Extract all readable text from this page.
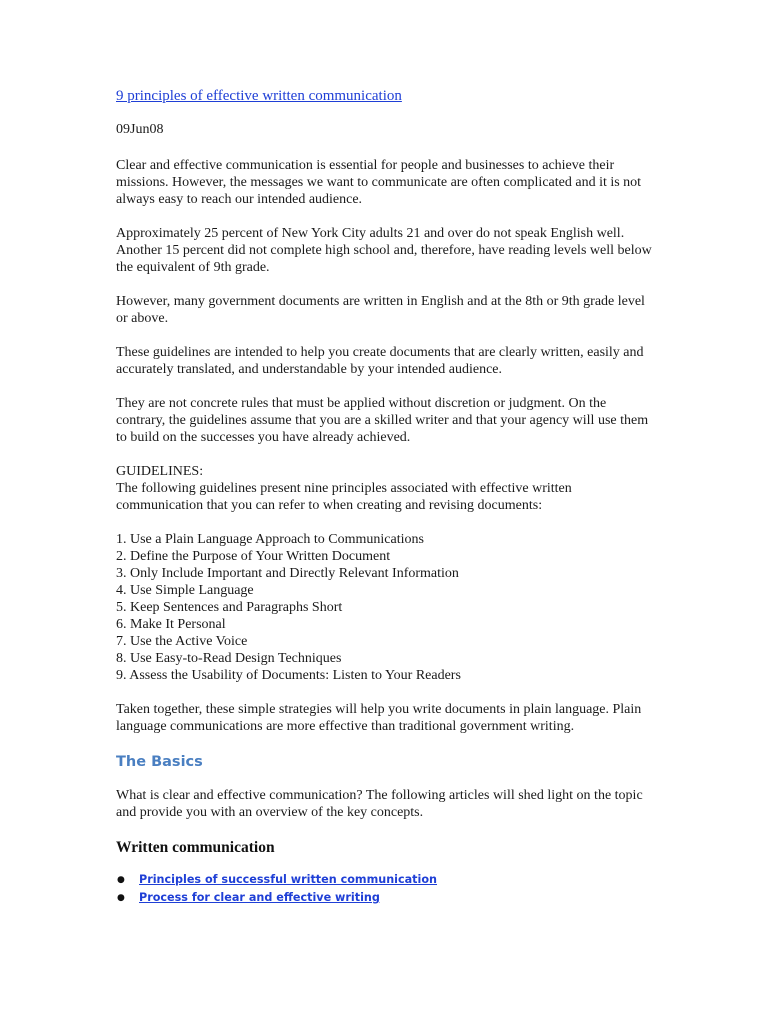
9 principles of effective written communication

09Jun08

Clear and effective communication is essential for people and businesses to achieve their missions. However, the messages we want to communicate are often complicated and it is not always easy to reach our intended audience.

Approximately 25 percent of New York City adults 21 and over do not speak English well. Another 15 percent did not complete high school and, therefore, have reading levels well below the equivalent of 9th grade.

However, many government documents are written in English and at the 8th or 9th grade level or above.

These guidelines are intended to help you create documents that are clearly written, easily and accurately translated, and understandable by your intended audience.

They are not concrete rules that must be applied without discretion or judgment. On the contrary, the guidelines assume that you are a skilled writer and that your agency will use them to build on the successes you have already achieved.

GUIDELINES:
The following guidelines present nine principles associated with effective written communication that you can refer to when creating and revising documents:

1. Use a Plain Language Approach to Communications
2. Define the Purpose of Your Written Document
3. Only Include Important and Directly Relevant Information
4. Use Simple Language
5. Keep Sentences and Paragraphs Short
6. Make It Personal
7. Use the Active Voice
8. Use Easy-to-Read Design Techniques
9. Assess the Usability of Documents: Listen to Your Readers

Taken together, these simple strategies will help you write documents in plain language. Plain language communications are more effective than traditional government writing.

The Basics

What is clear and effective communication? The following articles will shed light on the topic and provide you with an overview of the key concepts.

Written communication
● Principles of successful written communication
● Process for clear and effective writing
